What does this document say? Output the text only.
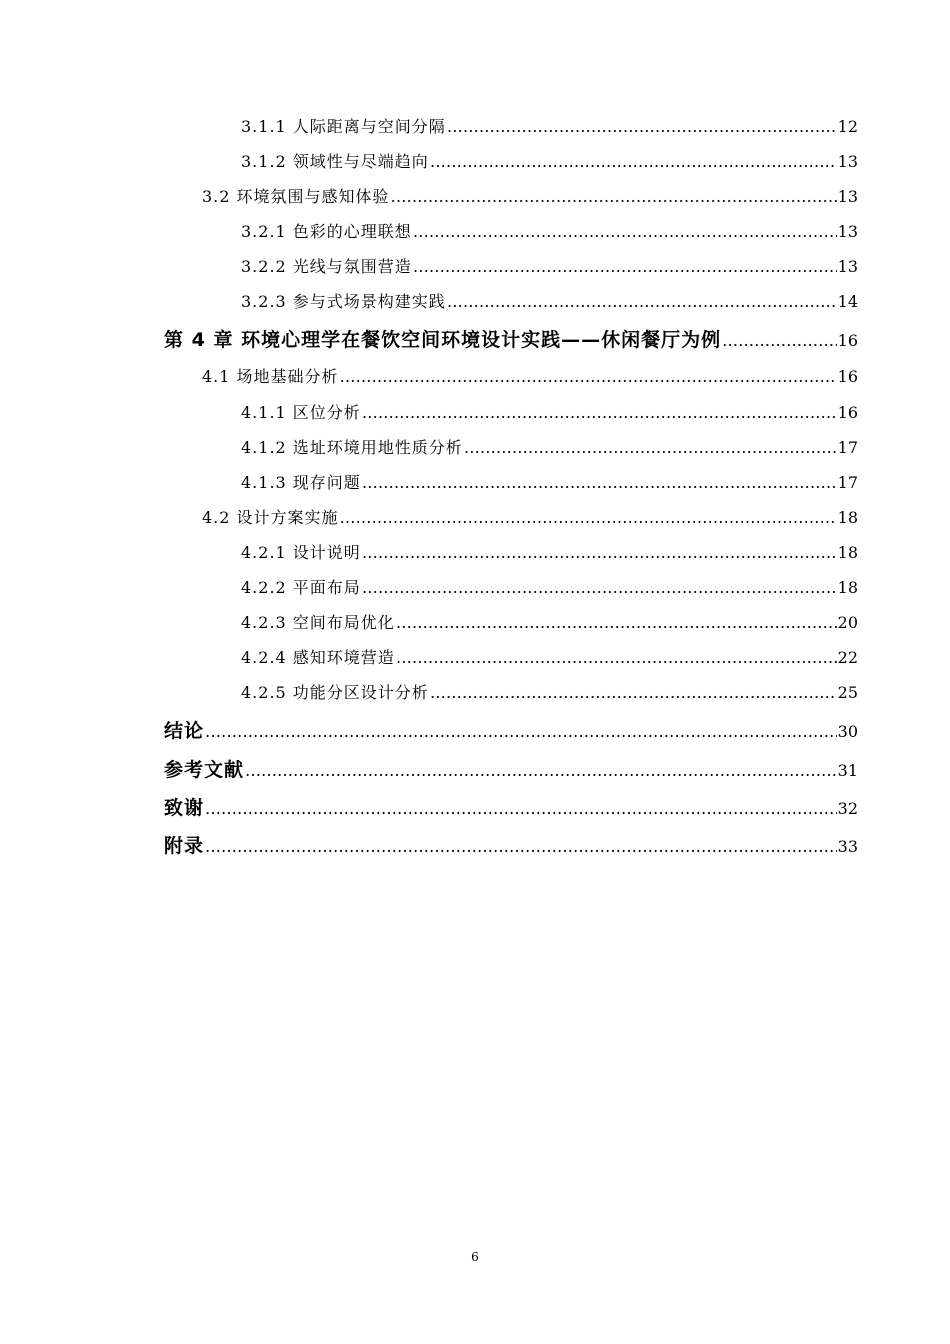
3.1.1 人际距离与空间分隔 …………………………………………………………………………………………………………………………………………………………………………………………………………	12
3.1.2 领域性与尽端趋向 …………………………………………………………………………………………………………………………………………………………………………………………………………	13
3.2 环境氛围与感知体验 …………………………………………………………………………………………………………………………………………………………………………………………………………	13
3.2.1 色彩的心理联想 …………………………………………………………………………………………………………………………………………………………………………………………………………	13
3.2.2 光线与氛围营造 …………………………………………………………………………………………………………………………………………………………………………………………………………	13
3.2.3 参与式场景构建实践 …………………………………………………………………………………………………………………………………………………………………………………………………………	14
第 4 章 环境心理学在餐饮空间环境设计实践——休闲餐厅为例 …………………………………………………………………………………………………………………………………………………………………………………………………………	16
4.1 场地基础分析 …………………………………………………………………………………………………………………………………………………………………………………………………………	16
4.1.1 区位分析 …………………………………………………………………………………………………………………………………………………………………………………………………………	16
4.1.2 选址环境用地性质分析 …………………………………………………………………………………………………………………………………………………………………………………………………………	17
4.1.3 现存问题 …………………………………………………………………………………………………………………………………………………………………………………………………………	17
4.2 设计方案实施 …………………………………………………………………………………………………………………………………………………………………………………………………………	18
4.2.1 设计说明 …………………………………………………………………………………………………………………………………………………………………………………………………………	18
4.2.2 平面布局 …………………………………………………………………………………………………………………………………………………………………………………………………………	18
4.2.3 空间布局优化 …………………………………………………………………………………………………………………………………………………………………………………………………………	20
4.2.4 感知环境营造 …………………………………………………………………………………………………………………………………………………………………………………………………………	22
4.2.5 功能分区设计分析 …………………………………………………………………………………………………………………………………………………………………………………………………………	25
结论 …………………………………………………………………………………………………………………………………………………………………………………………………………	30
参考文献 …………………………………………………………………………………………………………………………………………………………………………………………………………	31
致谢 …………………………………………………………………………………………………………………………………………………………………………………………………………	32
附录 …………………………………………………………………………………………………………………………………………………………………………………………………………	33
6
